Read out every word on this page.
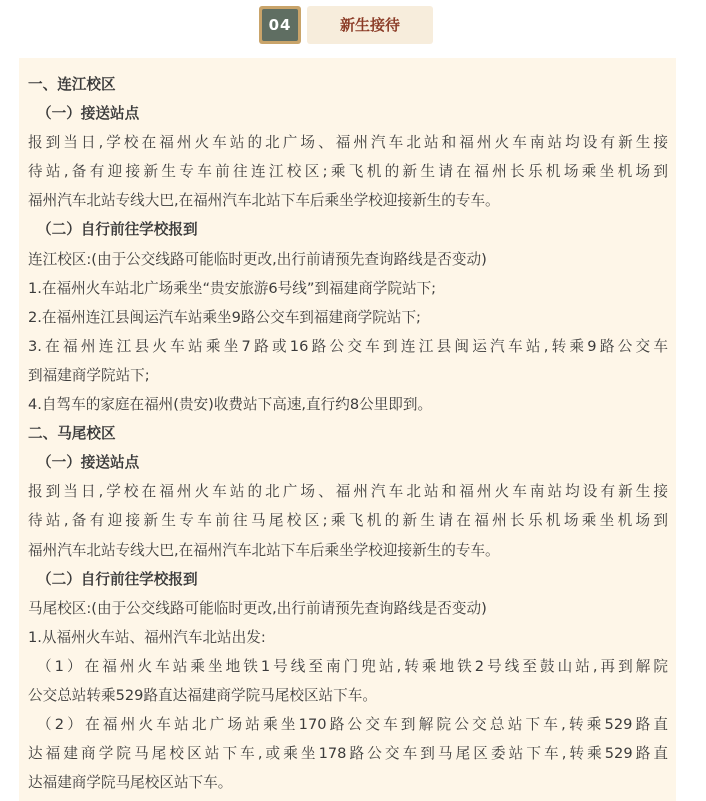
04	新生接待
一、连江校区
（一）接送站点
报到当日,学校在福州火车站的北广场、福州汽车北站和福州火车南站均设有新生接
待站,备有迎接新生专车前往连江校区;乘飞机的新生请在福州长乐机场乘坐机场到
福州汽车北站专线大巴,在福州汽车北站下车后乘坐学校迎接新生的专车。
（二）自行前往学校报到
连江校区:(由于公交线路可能临时更改,出行前请预先查询路线是否变动)
1.在福州火车站北广场乘坐“贵安旅游6号线”到福建商学院站下;
2.在福州连江县闽运汽车站乘坐9路公交车到福建商学院站下;
3.在福州连江县火车站乘坐7路或16路公交车到连江县闽运汽车站,转乘9路公交车
到福建商学院站下;
4.自驾车的家庭在福州(贵安)收费站下高速,直行约8公里即到。
二、马尾校区
（一）接送站点
报到当日,学校在福州火车站的北广场、福州汽车北站和福州火车南站均设有新生接
待站,备有迎接新生专车前往马尾校区;乘飞机的新生请在福州长乐机场乘坐机场到
福州汽车北站专线大巴,在福州汽车北站下车后乘坐学校迎接新生的专车。
（二）自行前往学校报到
马尾校区:(由于公交线路可能临时更改,出行前请预先查询路线是否变动)
1.从福州火车站、福州汽车北站出发:
（1）在福州火车站乘坐地铁1号线至南门兜站,转乘地铁2号线至鼓山站,再到解院
公交总站转乘529路直达福建商学院马尾校区站下车。
（2）在福州火车站北广场站乘坐170路公交车到解院公交总站下车,转乘529路直
达福建商学院马尾校区站下车,或乘坐178路公交车到马尾区委站下车,转乘529路直
达福建商学院马尾校区站下车。
